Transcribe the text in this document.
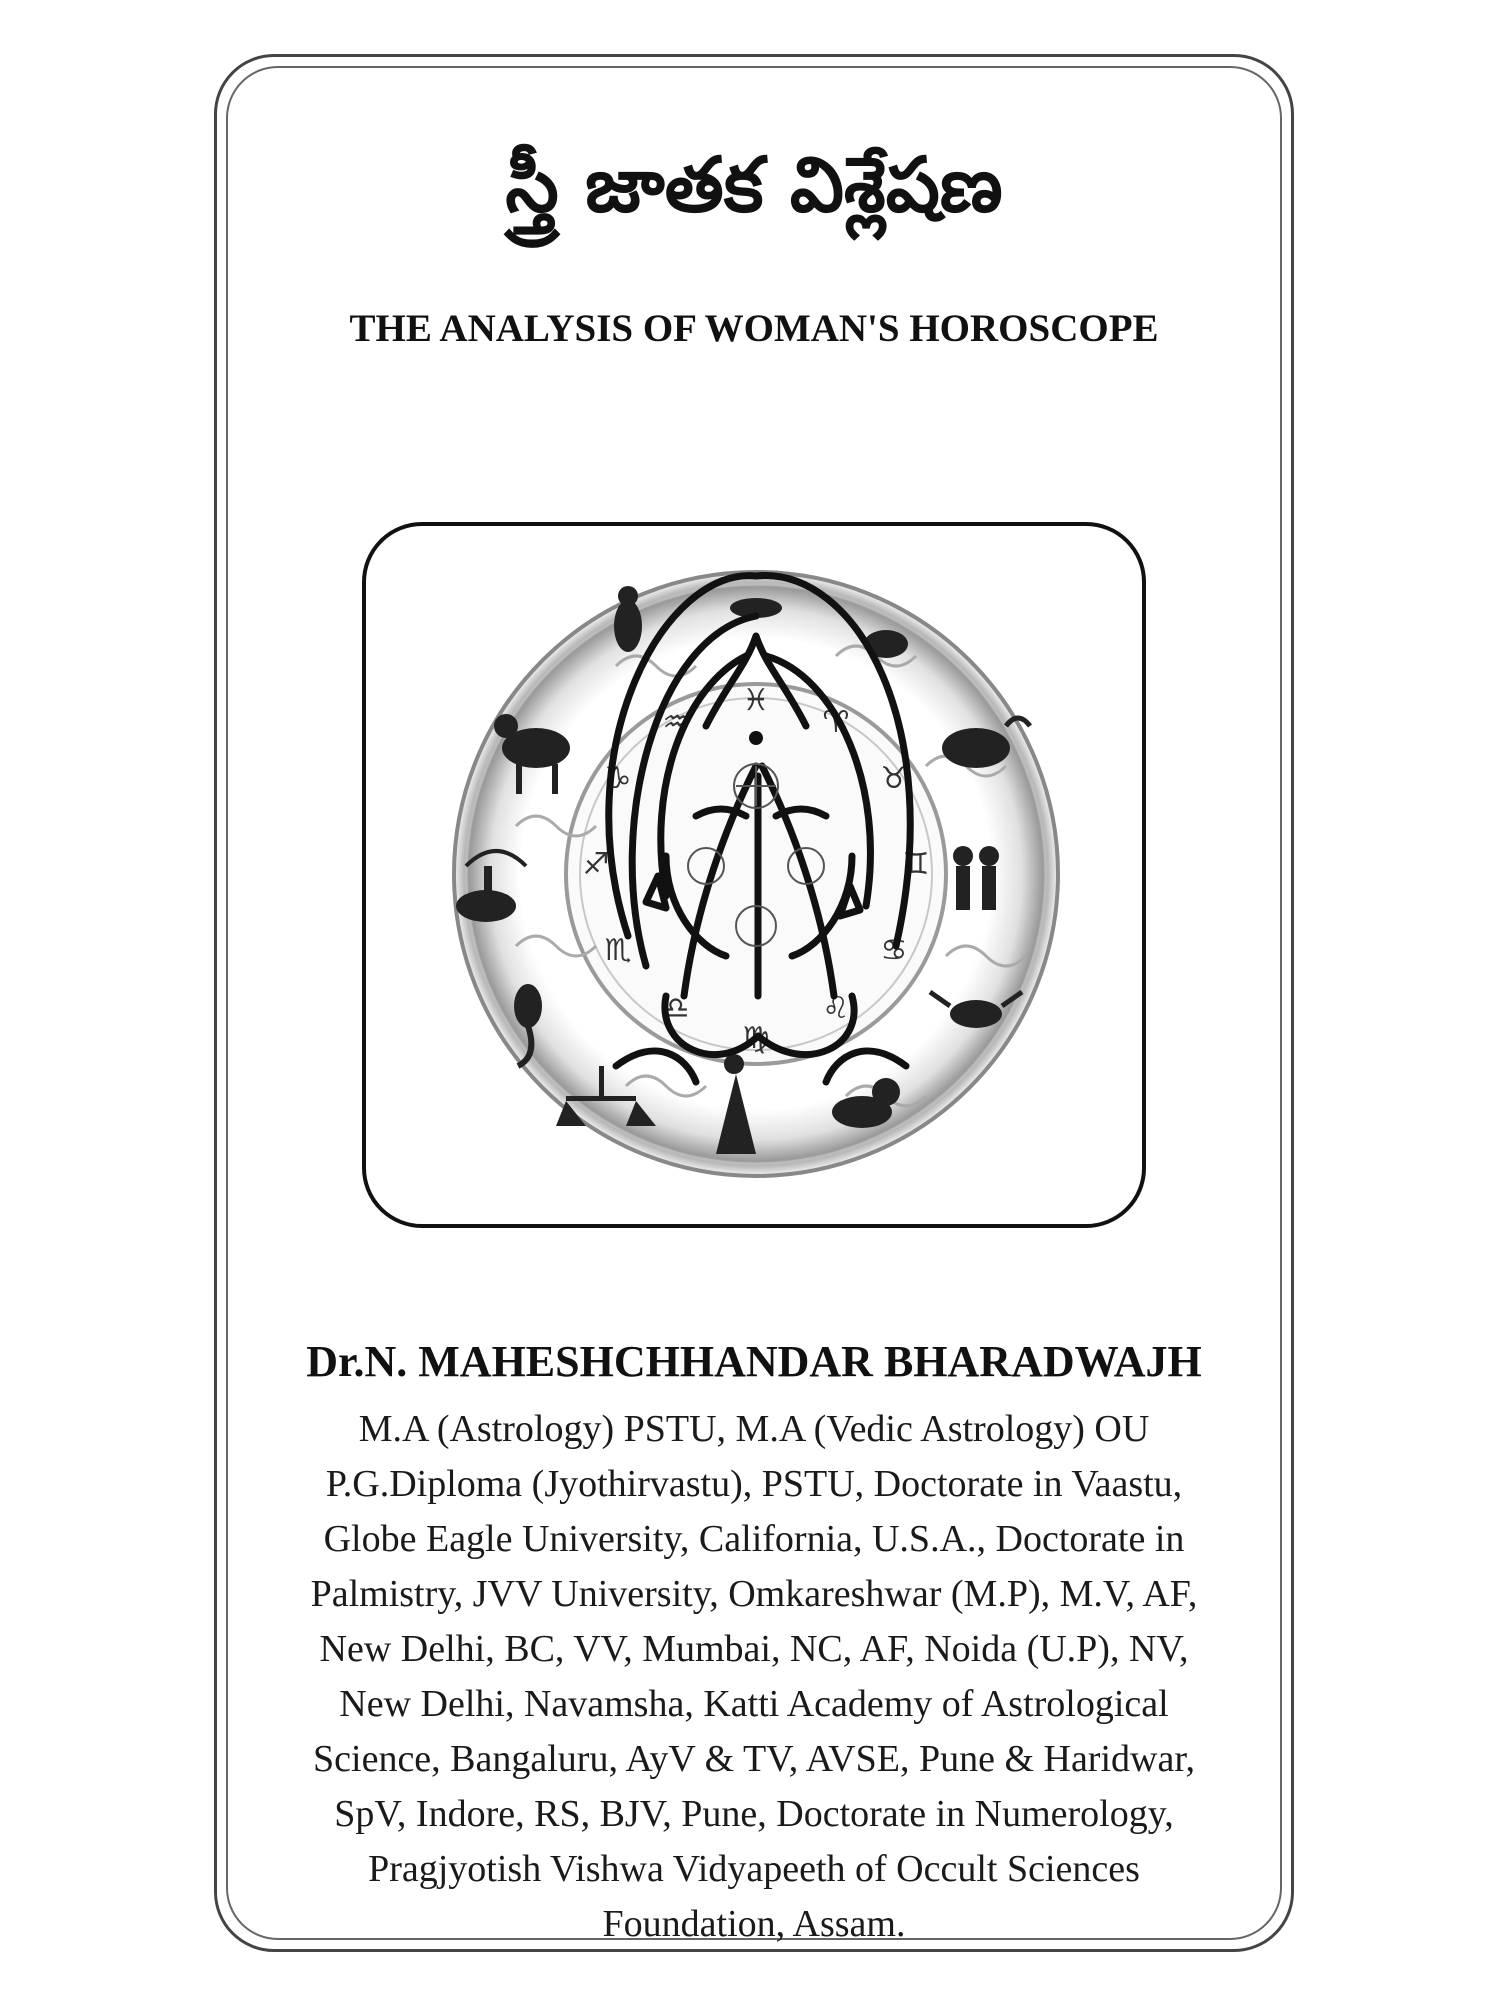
స్త్రీ జాతక విశ్లేషణ
THE ANALYSIS OF WOMAN'S HOROSCOPE
♓
♈
♉
♊
♋
♌
♍
♎
♏
♐
♑
♒
Dr.N. MAHESHCHHANDAR BHARADWAJH
M.A (Astrology) PSTU, M.A (Vedic Astrology) OU
P.G.Diploma (Jyothirvastu), PSTU, Doctorate in Vaastu,
Globe Eagle University, California, U.S.A., Doctorate in
Palmistry, JVV University, Omkareshwar (M.P), M.V, AF,
New Delhi, BC, VV, Mumbai, NC, AF, Noida (U.P), NV,
New Delhi, Navamsha, Katti Academy of Astrological
Science, Bangaluru, AyV & TV, AVSE, Pune & Haridwar,
SpV, Indore, RS, BJV, Pune, Doctorate in Numerology,
Pragjyotish Vishwa Vidyapeeth of Occult Sciences
Foundation, Assam.
